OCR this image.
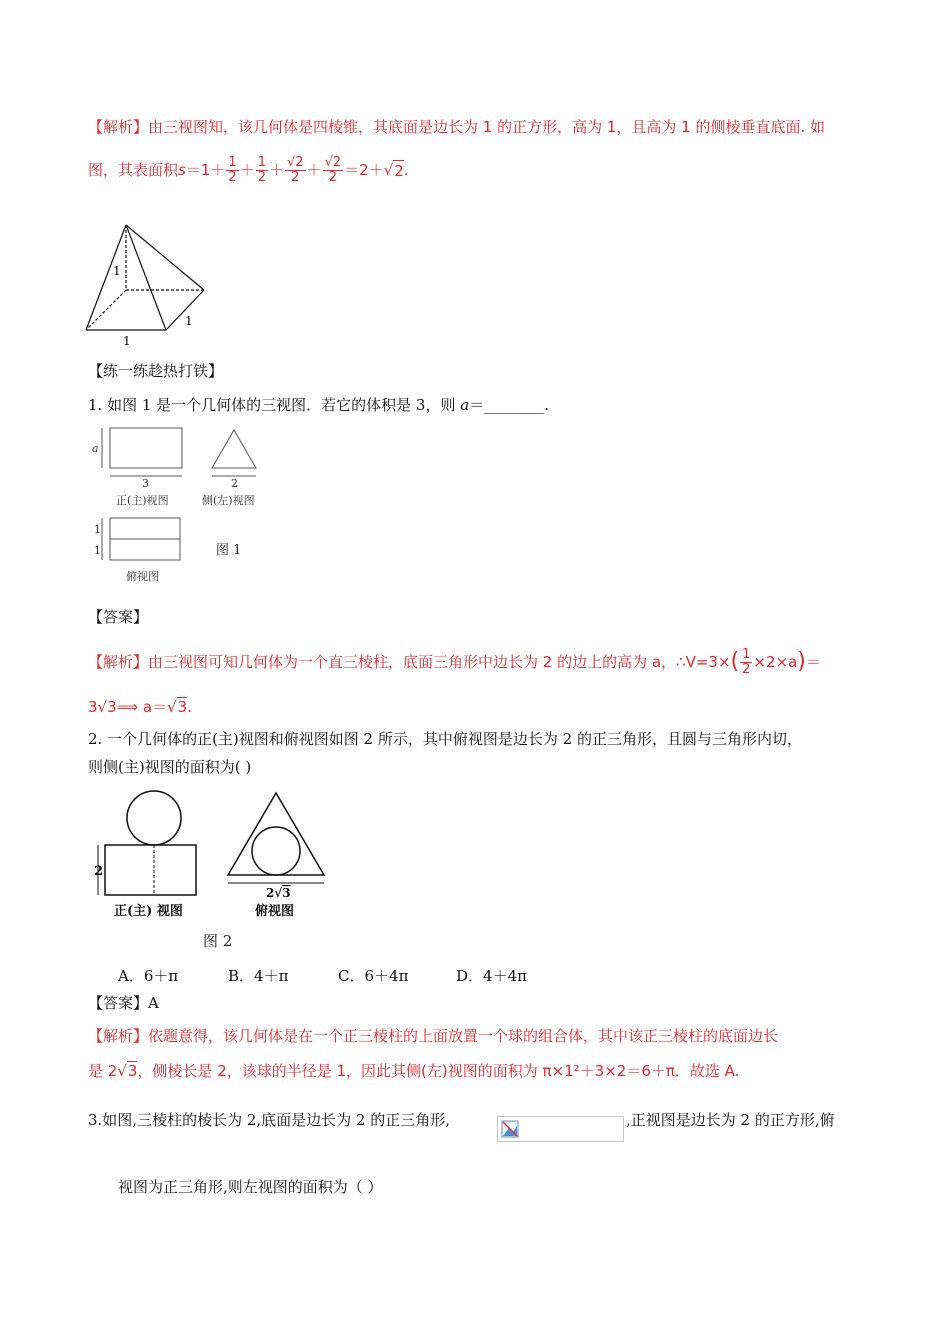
【解析】由三视图知，该几何体是四棱锥，其底面是边长为 1 的正方形，高为 1，且高为 1 的侧棱垂直底面. 如
图，其表面积 $s =1+ \frac{1}{2} + \frac{1}{2} + \frac{√2}{2} + \frac{√2}{2} =2+$ √ 2 .
1
1
1
【练一练趁热打铁】
1. 如图 1 是一个几何体的三视图．若它的体积是 3，则 a＝________.
a
3
正(主)视图
2
侧(左)视图
1
1
俯视图
图 1
【答案】
【解析】 由三视图可知几何体为一个直三棱柱，底面三角形中边长为 2 的边上的高为 a，∴V=3× ( $\frac{1}{2} \times 2\times a$ ) ＝
3√3⟹ a＝√3.
2. 一个几何体的正(主)视图和俯视图如图 2 所示，其中俯视图是边长为 2 的正三角形，且圆与三角形内切，
则侧(主)视图的面积为( )
2
正(主) 视图
2√3
俯视图
图 2
A．6＋π	B．4＋π	C．6＋4π	D．4＋4π
【答案】A
【解析】依题意得，该几何体是在一个正三棱柱的上面放置一个球的组合体，其中该正三棱柱的底面边长
是 2√3，侧棱长是 2，该球的半径是 1，因此其侧(左)视图的面积为 π×1²＋3×2＝6＋π．故选 A.
3.如图,三棱柱的棱长为 2,底面是边长为 2 的正三角形,	,正视图是边长为 2 的正方形,俯
视图为正三角形,则左视图的面积为（ ）
